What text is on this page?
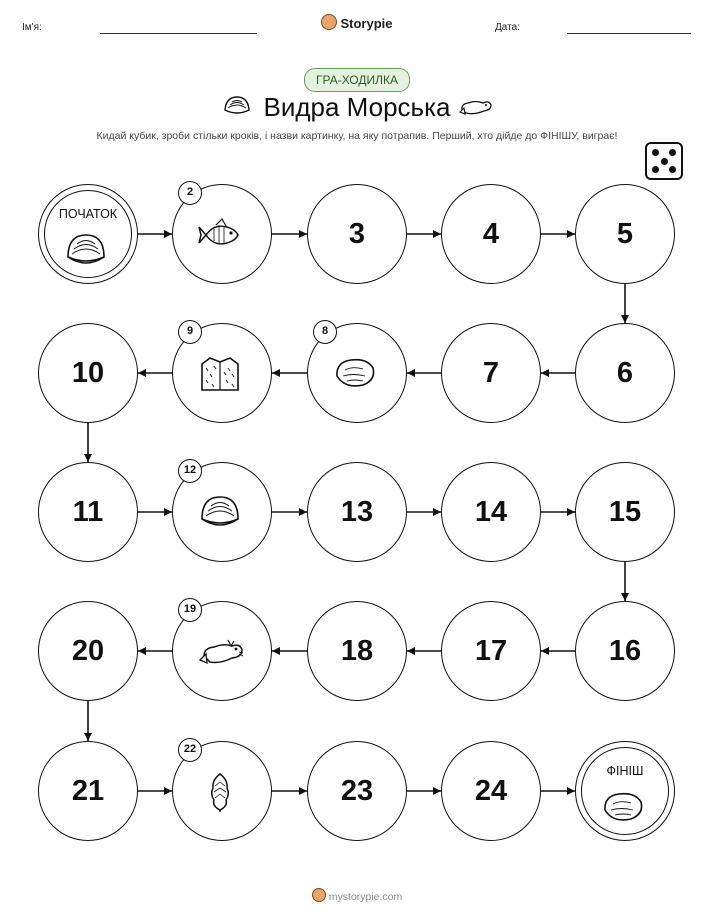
Ім'я:	Storypie	Дата:
ГРА-ХОДИЛКА
Видра Морська
Кидай кубик, зроби стільки кроків, і назви картинку, на яку потрапив. Перший, хто дійде до ФІНІШУ, виграє!
ПОЧАТОК
2
3	4	5
6
7
8
9
10
11
12
13	14	15
16
17
18
19
20
21
22
23	24
ФІНІШ
mystorypie.com
